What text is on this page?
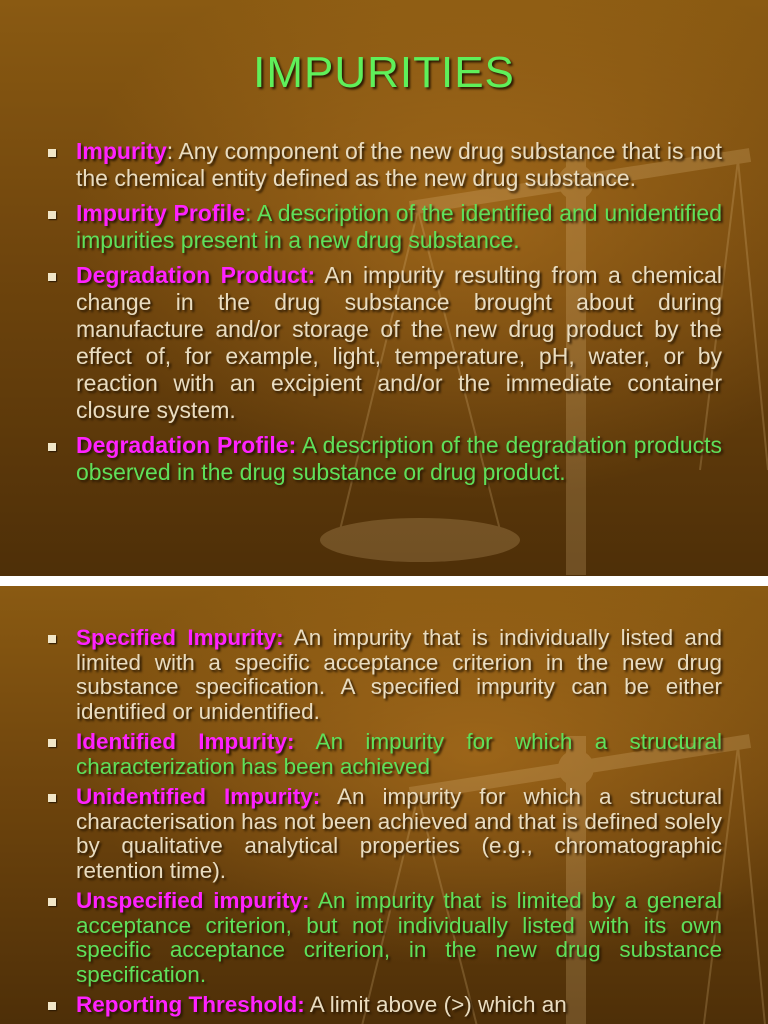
IMPURITIES
Impurity: Any component of the new drug substance that is not the chemical entity defined as the new drug substance.
Impurity Profile: A description of the identified and unidentified impurities present in a new drug substance.
Degradation Product: An impurity resulting from a chemical change in the drug substance brought about during manufacture and/or storage of the new drug product by the effect of, for example, light, temperature, pH, water, or by reaction with an excipient and/or the immediate container closure system.
Degradation Profile: A description of the degradation products observed in the drug substance or drug product.
Specified Impurity: An impurity that is individually listed and limited with a specific acceptance criterion in the new drug substance specification. A specified impurity can be either identified or unidentified.
Identified Impurity: An impurity for which a structural characterization has been achieved
Unidentified Impurity: An impurity for which a structural characterisation has not been achieved and that is defined solely by qualitative analytical properties (e.g., chromatographic retention time).
Unspecified impurity: An impurity that is limited by a general acceptance criterion, but not individually listed with its own specific acceptance criterion, in the new drug substance specification.
Reporting Threshold: A limit above (>) which an
